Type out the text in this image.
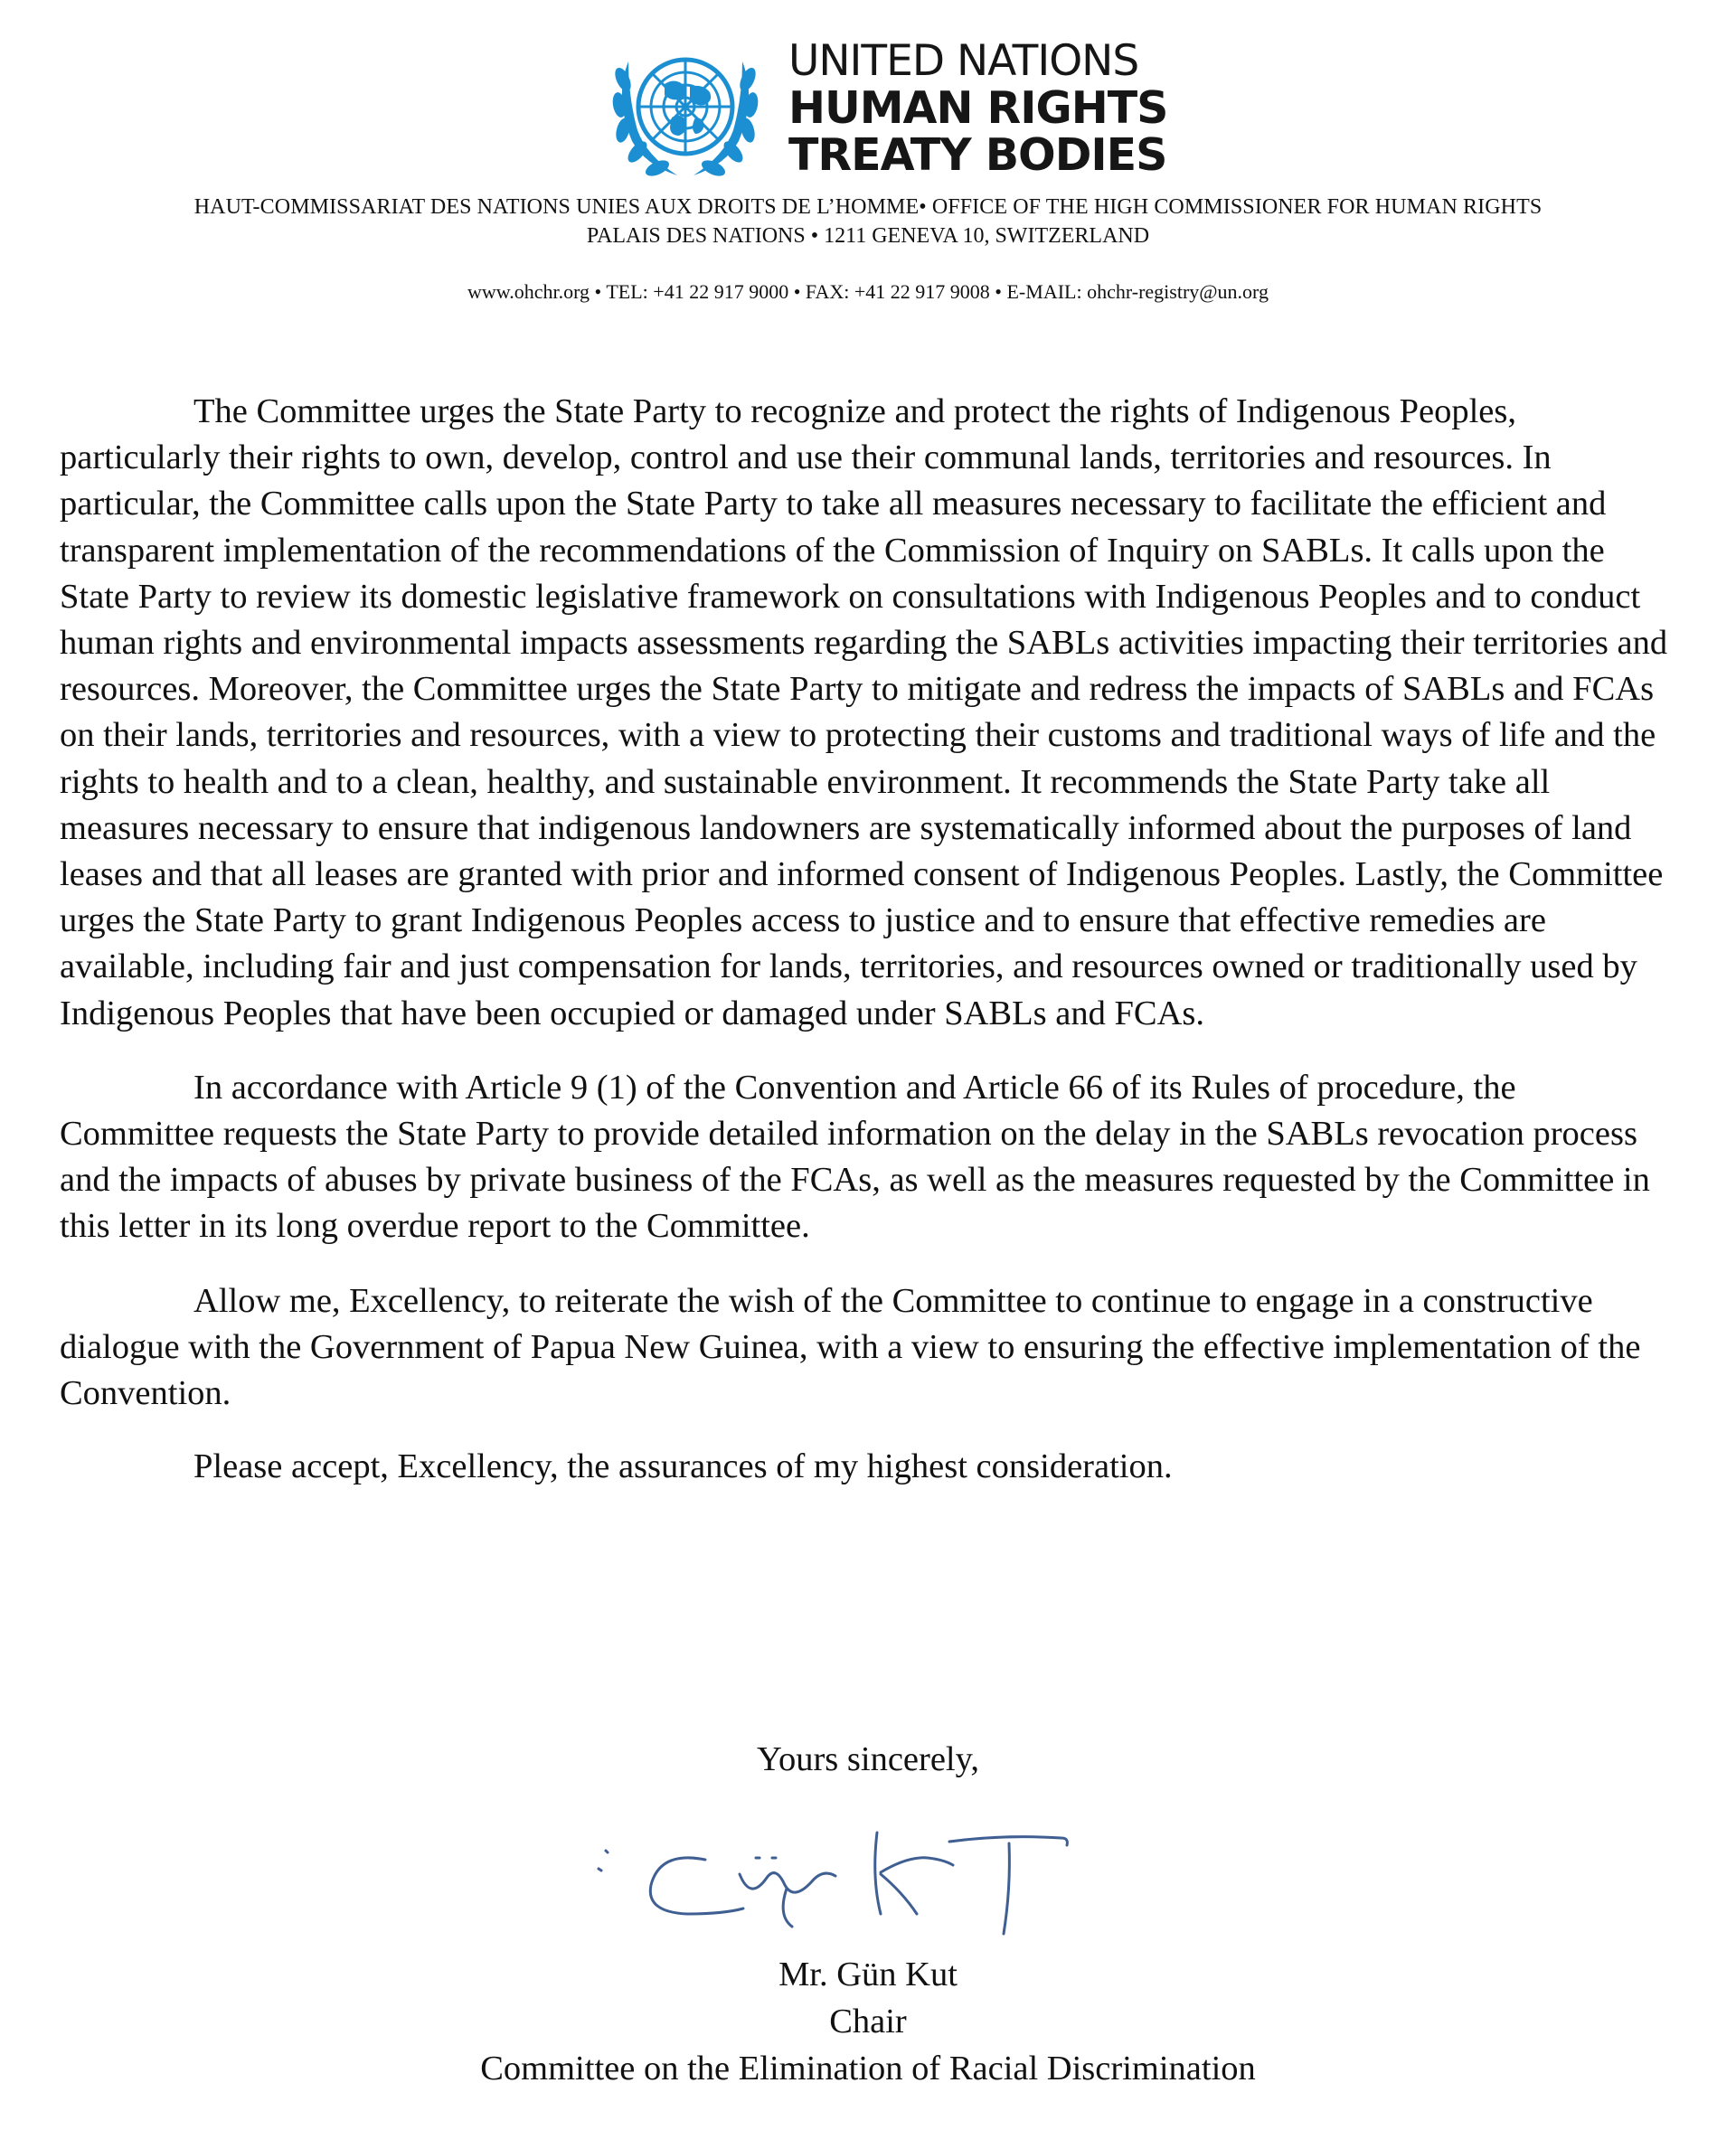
UNITED NATIONS
HUMAN RIGHTS
TREATY BODIES
HAUT-COMMISSARIAT DES NATIONS UNIES AUX DROITS DE L’HOMME• OFFICE OF THE HIGH COMMISSIONER FOR HUMAN RIGHTS
PALAIS DES NATIONS • 1211 GENEVA 10, SWITZERLAND
www.ohchr.org • TEL: +41 22 917 9000 • FAX: +41 22 917 9008 • E-MAIL: ohchr-registry@un.org

The Committee urges the State Party to recognize and protect the rights of Indigenous Peoples, particularly their rights to own, develop, control and use their communal lands, territories and resources. In particular, the Committee calls upon the State Party to take all measures necessary to facilitate the efficient and transparent implementation of the recommendations of the Commission of Inquiry on SABLs. It calls upon the State Party to review its domestic legislative framework on consultations with Indigenous Peoples and to conduct human rights and environmental impacts assessments regarding the SABLs activities impacting their territories and resources. Moreover, the Committee urges the State Party to mitigate and redress the impacts of SABLs and FCAs on their lands, territories and resources, with a view to protecting their customs and traditional ways of life and the rights to health and to a clean, healthy, and sustainable environment. It recommends the State Party take all measures necessary to ensure that indigenous landowners are systematically informed about the purposes of land leases and that all leases are granted with prior and informed consent of Indigenous Peoples. Lastly, the Committee urges the State Party to grant Indigenous Peoples access to justice and to ensure that effective remedies are available, including fair and just compensation for lands, territories, and resources owned or traditionally used by Indigenous Peoples that have been occupied or damaged under SABLs and FCAs.

In accordance with Article 9 (1) of the Convention and Article 66 of its Rules of procedure, the Committee requests the State Party to provide detailed information on the delay in the SABLs revocation process and the impacts of abuses by private business of the FCAs, as well as the measures requested by the Committee in this letter in its long overdue report to the Committee.

Allow me, Excellency, to reiterate the wish of the Committee to continue to engage in a constructive dialogue with the Government of Papua New Guinea, with a view to ensuring the effective implementation of the Convention.

Please accept, Excellency, the assurances of my highest consideration.

Yours sincerely,
Mr. Gün Kut
Chair
Committee on the Elimination of Racial Discrimination
